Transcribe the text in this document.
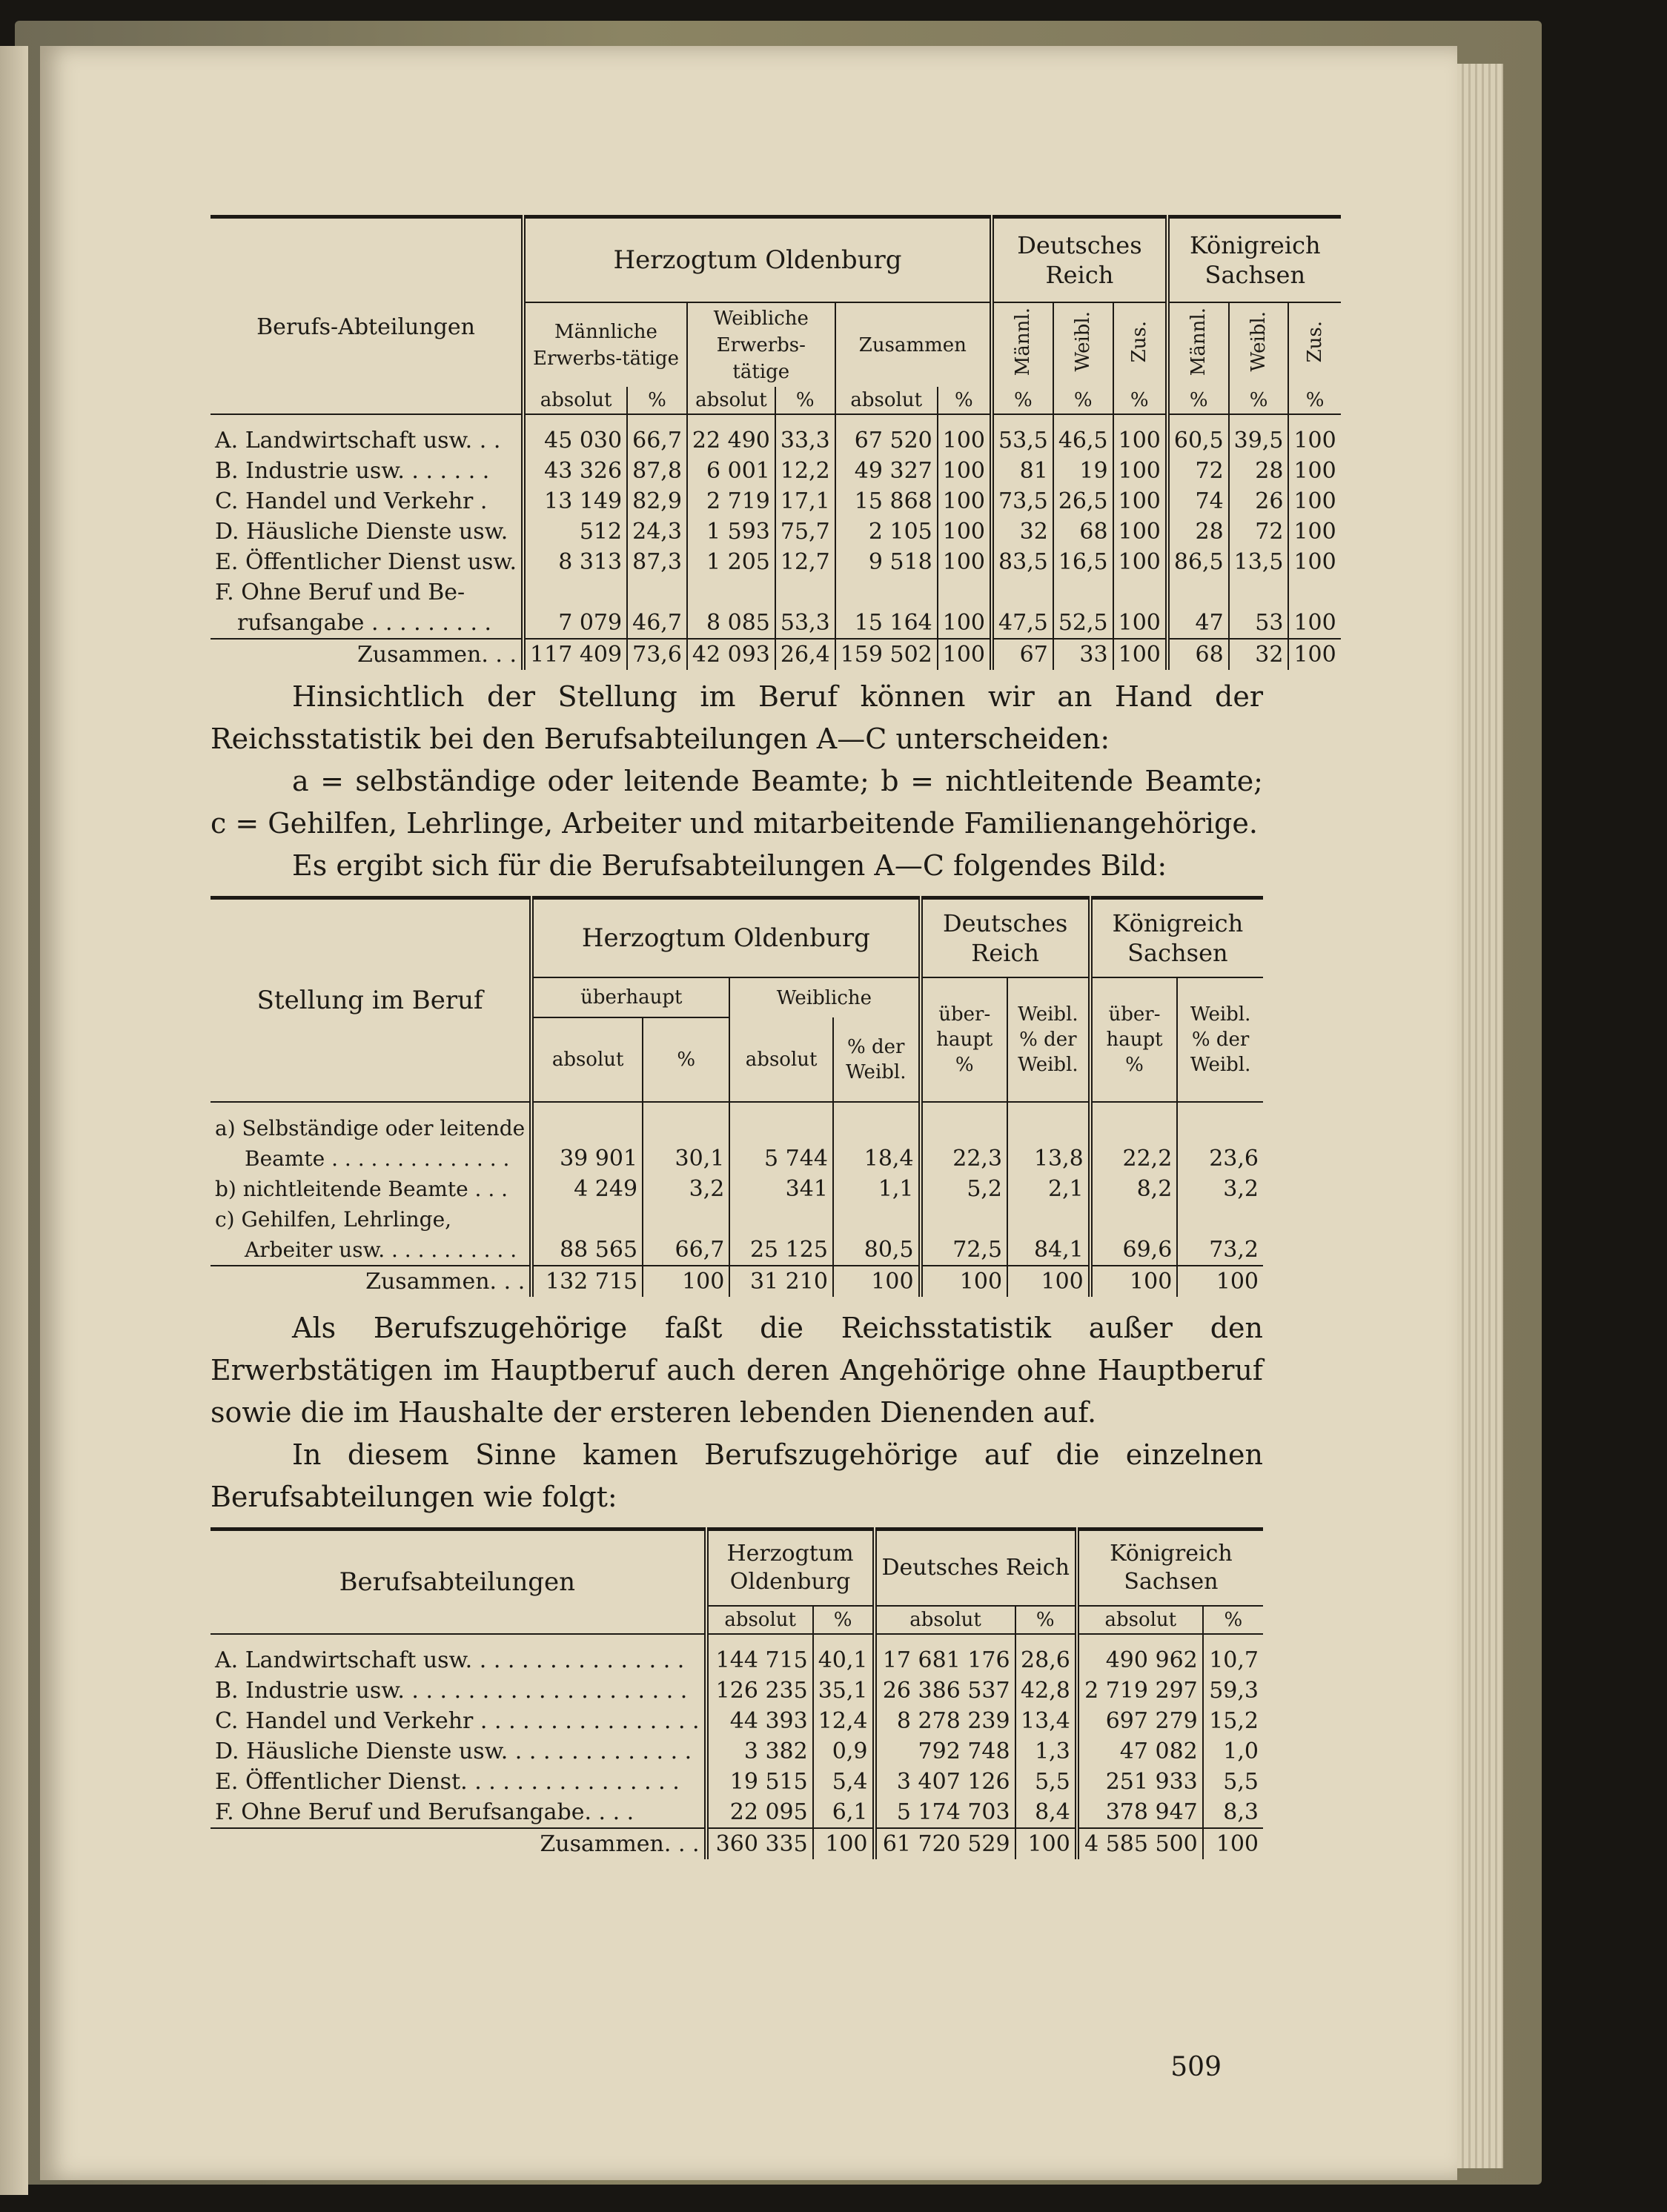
Berufs-Abteilungen	Herzogtum Oldenburg						Deutsches Reich			Königreich Sachsen		
	Männliche Erwerbs-tätige		Weibliche Erwerbs-tätige		Zusammen		Männl.	Weibl.	Zus.	Männl.	Weibl.	Zus.
	absolut	%	absolut	%	absolut	%	%	%	%	%	%	%

A. Landwirtschaft usw. . .	45 030	66,7	22 490	33,3	67 520	100	53,5	46,5	100	60,5	39,5	100
B. Industrie usw. . . . . . .	43 326	87,8	6 001	12,2	49 327	100	81	19	100	72	28	100
C. Handel und Verkehr .	13 149	82,9	2 719	17,1	15 868	100	73,5	26,5	100	74	26	100
D. Häusliche Dienste usw.	512	24,3	1 593	75,7	2 105	100	32	68	100	28	72	100
E. Öffentlicher Dienst usw.	8 313	87,3	1 205	12,7	9 518	100	83,5	16,5	100	86,5	13,5	100
F. Ohne Beruf und Be-												
rufsangabe . . . . . . . . .	7 079	46,7	8 085	53,3	15 164	100	47,5	52,5	100	47	53	100
Zusammen. . .	117 409	73,6	42 093	26,4	159 502	100	67	33	100	68	32	100

Hinsichtlich der Stellung im Beruf können wir an Hand der Reichsstatistik bei den Berufsabteilungen A—C unterscheiden:

a = selbständige oder leitende Beamte; b = nichtleitende Beamte; c = Gehilfen, Lehrlinge, Arbeiter und mitarbeitende Familienangehörige.

Es ergibt sich für die Berufsabteilungen A—C folgendes Bild:

Stellung im Beruf	Herzogtum Oldenburg				Deutsches Reich		Königreich Sachsen	
	überhaupt		Weibliche		über-haupt %	Weibl. % der Weibl.	über-haupt %	Weibl. % der Weibl.
	absolut	%	absolut	% der Weibl.				

a) Selbständige oder leitende								
Beamte . . . . . . . . . . . . . .	39 901	30,1	5 744	18,4	22,3	13,8	22,2	23,6
b) nichtleitende Beamte . . .	4 249	3,2	341	1,1	5,2	2,1	8,2	3,2
c) Gehilfen, Lehrlinge,								
Arbeiter usw. . . . . . . . . . .	88 565	66,7	25 125	80,5	72,5	84,1	69,6	73,2
Zusammen. . .	132 715	100	31 210	100	100	100	100	100

Als Berufszugehörige faßt die Reichsstatistik außer den Erwerbstätigen im Hauptberuf auch deren Angehörige ohne Hauptberuf sowie die im Haushalte der ersteren lebenden Dienenden auf.

In diesem Sinne kamen Berufszugehörige auf die einzelnen Berufsabteilungen wie folgt:

Berufsabteilungen	Herzogtum Oldenburg		Deutsches Reich		Königreich Sachsen	
	absolut	%	absolut	%	absolut	%

A. Landwirtschaft usw. . . . . . . . . . . . . . . .	144 715	40,1	17 681 176	28,6	490 962	10,7
B. Industrie usw. . . . . . . . . . . . . . . . . . . . .	126 235	35,1	26 386 537	42,8	2 719 297	59,3
C. Handel und Verkehr . . . . . . . . . . . . . . . .	44 393	12,4	8 278 239	13,4	697 279	15,2
D. Häusliche Dienste usw. . . . . . . . . . . . . .	3 382	0,9	792 748	1,3	47 082	1,0
E. Öffentlicher Dienst. . . . . . . . . . . . . . . .	19 515	5,4	3 407 126	5,5	251 933	5,5
F. Ohne Beruf und Berufsangabe. . . .	22 095	6,1	5 174 703	8,4	378 947	8,3
Zusammen. . .	360 335	100	61 720 529	100	4 585 500	100
509
